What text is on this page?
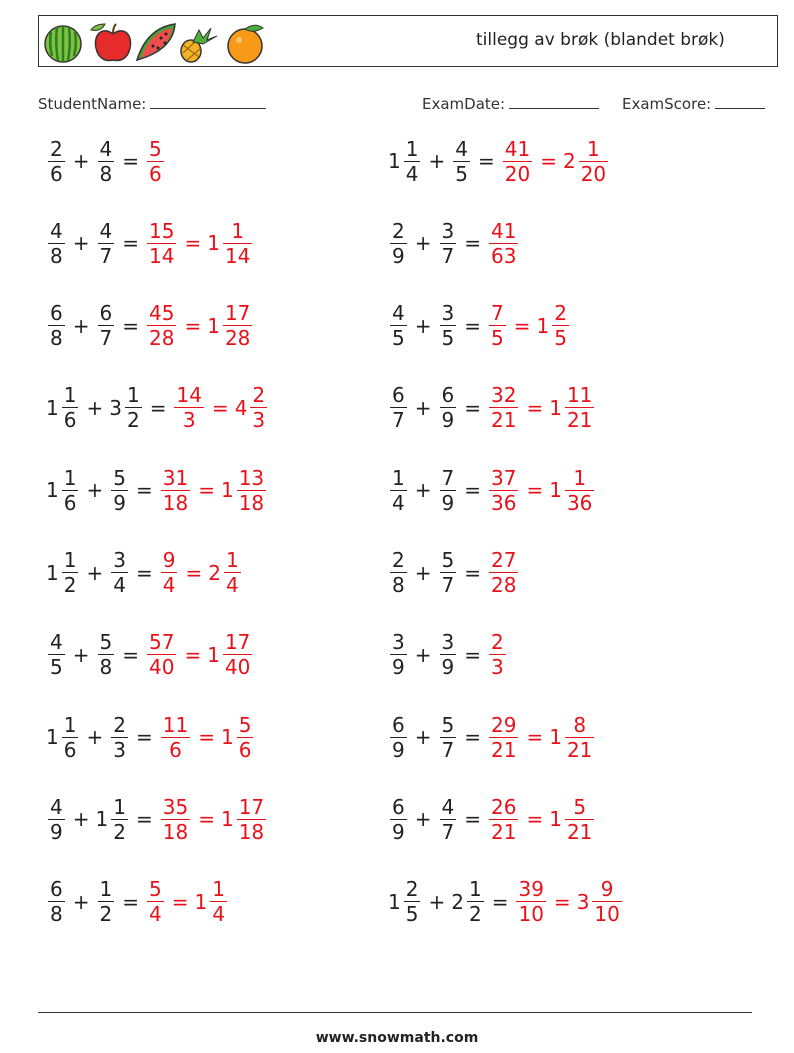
tillegg av brøk (blandet brøk)
StudentName:	ExamDate:	ExamScore:
$\frac{2}{6} + \frac{4}{8} = \frac{5}{6}$	$1 \frac{1}{4} + \frac{4}{5} = \frac{41}{20} = 2 \frac{1}{20}$
$\frac{4}{8} + \frac{4}{7} = \frac{15}{14} = 1 \frac{1}{14}$	$\frac{2}{9} + \frac{3}{7} = \frac{41}{63}$
$\frac{6}{8} + \frac{6}{7} = \frac{45}{28} = 1 \frac{17}{28}$	$\frac{4}{5} + \frac{3}{5} = \frac{7}{5} = 1 \frac{2}{5}$
$1 \frac{1}{6} + 3 \frac{1}{2} = \frac{14}{3} = 4 \frac{2}{3}$	$\frac{6}{7} + \frac{6}{9} = \frac{32}{21} = 1 \frac{11}{21}$
$1 \frac{1}{6} + \frac{5}{9} = \frac{31}{18} = 1 \frac{13}{18}$	$\frac{1}{4} + \frac{7}{9} = \frac{37}{36} = 1 \frac{1}{36}$
$1 \frac{1}{2} + \frac{3}{4} = \frac{9}{4} = 2 \frac{1}{4}$	$\frac{2}{8} + \frac{5}{7} = \frac{27}{28}$
$\frac{4}{5} + \frac{5}{8} = \frac{57}{40} = 1 \frac{17}{40}$	$\frac{3}{9} + \frac{3}{9} = \frac{2}{3}$
$1 \frac{1}{6} + \frac{2}{3} = \frac{11}{6} = 1 \frac{5}{6}$	$\frac{6}{9} + \frac{5}{7} = \frac{29}{21} = 1 \frac{8}{21}$
$\frac{4}{9} + 1 \frac{1}{2} = \frac{35}{18} = 1 \frac{17}{18}$	$\frac{6}{9} + \frac{4}{7} = \frac{26}{21} = 1 \frac{5}{21}$
$\frac{6}{8} + \frac{1}{2} = \frac{5}{4} = 1 \frac{1}{4}$	$1 \frac{2}{5} + 2 \frac{1}{2} = \frac{39}{10} = 3 \frac{9}{10}$
www.snowmath.com
